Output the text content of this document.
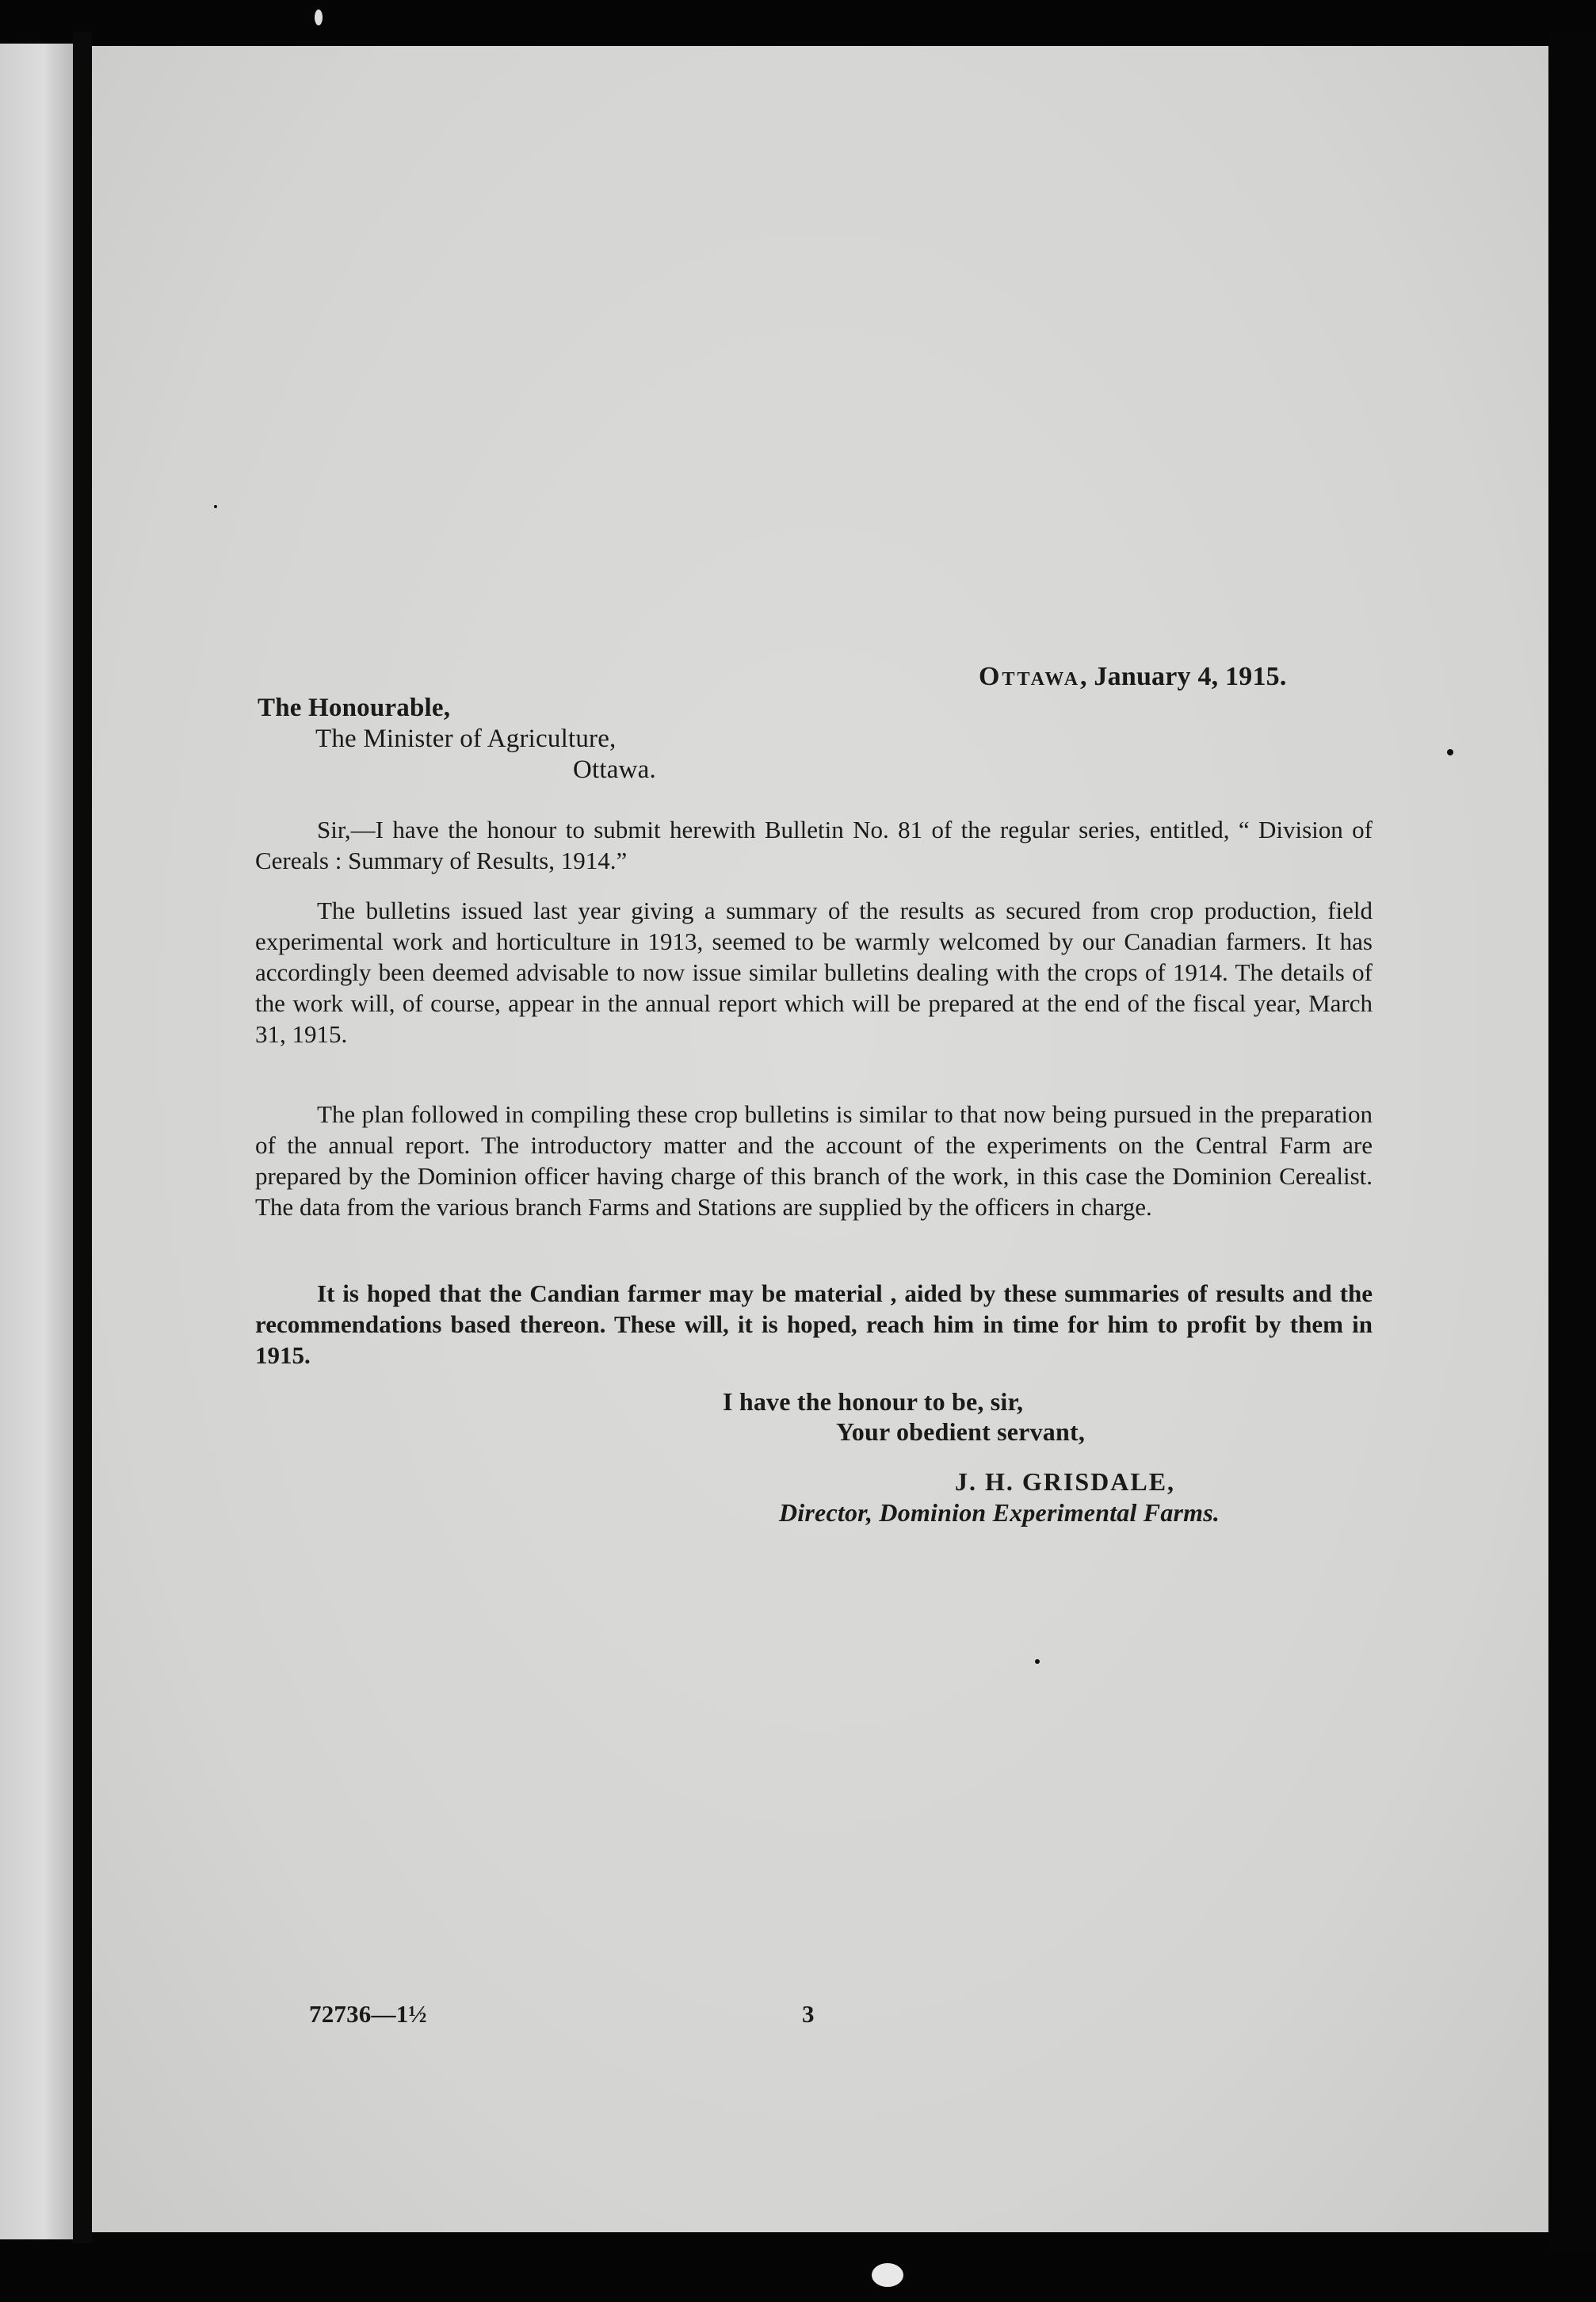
Ottawa, January 4, 1915.
The Honourable,
The Minister of Agriculture,
Ottawa.
Sir,—I have the honour to submit herewith Bulletin No. 81 of the regular series, entitled, “ Division of Cereals : Summary of Results, 1914.”
The bulletins issued last year giving a summary of the results as secured from crop production, field experimental work and horticulture in 1913, seemed to be warmly welcomed by our Canadian farmers. It has accordingly been deemed advisable to now issue similar bulletins dealing with the crops of 1914. The details of the work will, of course, appear in the annual report which will be prepared at the end of the fiscal year, March 31, 1915.
The plan followed in compiling these crop bulletins is similar to that now being pursued in the preparation of the annual report. The introductory matter and the account of the experiments on the Central Farm are prepared by the Dominion officer having charge of this branch of the work, in this case the Dominion Cerealist. The data from the various branch Farms and Stations are supplied by the officers in charge.
It is hoped that the Candian farmer may be material , aided by these summaries of results and the recommendations based thereon. These will, it is hoped, reach him in time for him to profit by them in 1915.
I have the honour to be, sir,
Your obedient servant,
J. H. GRISDALE,
Director, Dominion Experimental Farms.
72736—1½	3
